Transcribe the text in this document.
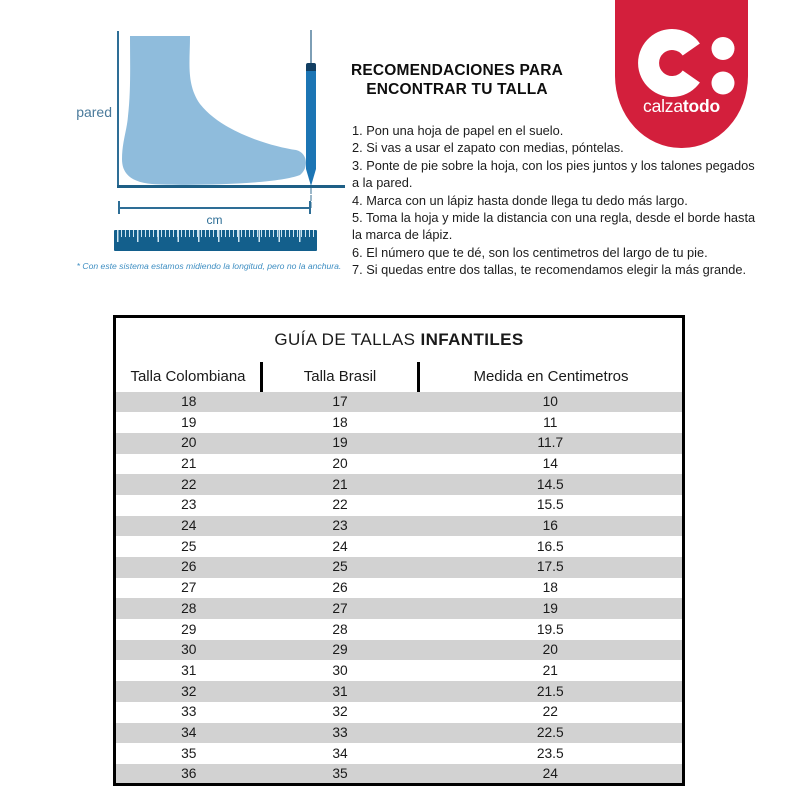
pared
cm
* Con este sistema estamos midiendo la longitud, pero no la anchura.
RECOMENDACIONES PARA
ENCONTRAR TU TALLA
1. Pon una hoja de papel en el suelo.
2. Si vas a usar el zapato con medias, póntelas.
3. Ponte de pie sobre la hoja, con los pies juntos y los talones pegados a la pared.
4. Marca con un lápiz hasta donde llega tu dedo más largo.
5. Toma la hoja y mide la distancia con una regla, desde el borde hasta la marca de lápiz.
6. El número que te dé, son los centimetros del largo de tu pie.
7. Si quedas entre dos tallas, te recomendamos elegir la más grande.
calzatodo
GUÍA DE TALLAS INFANTILES		
Talla Colombiana	Talla Brasil	Medida en Centimetros
18	17	10
19	18	11
20	19	11.7
21	20	14
22	21	14.5
23	22	15.5
24	23	16
25	24	16.5
26	25	17.5
27	26	18
28	27	19
29	28	19.5
30	29	20
31	30	21
32	31	21.5
33	32	22
34	33	22.5
35	34	23.5
36	35	24
